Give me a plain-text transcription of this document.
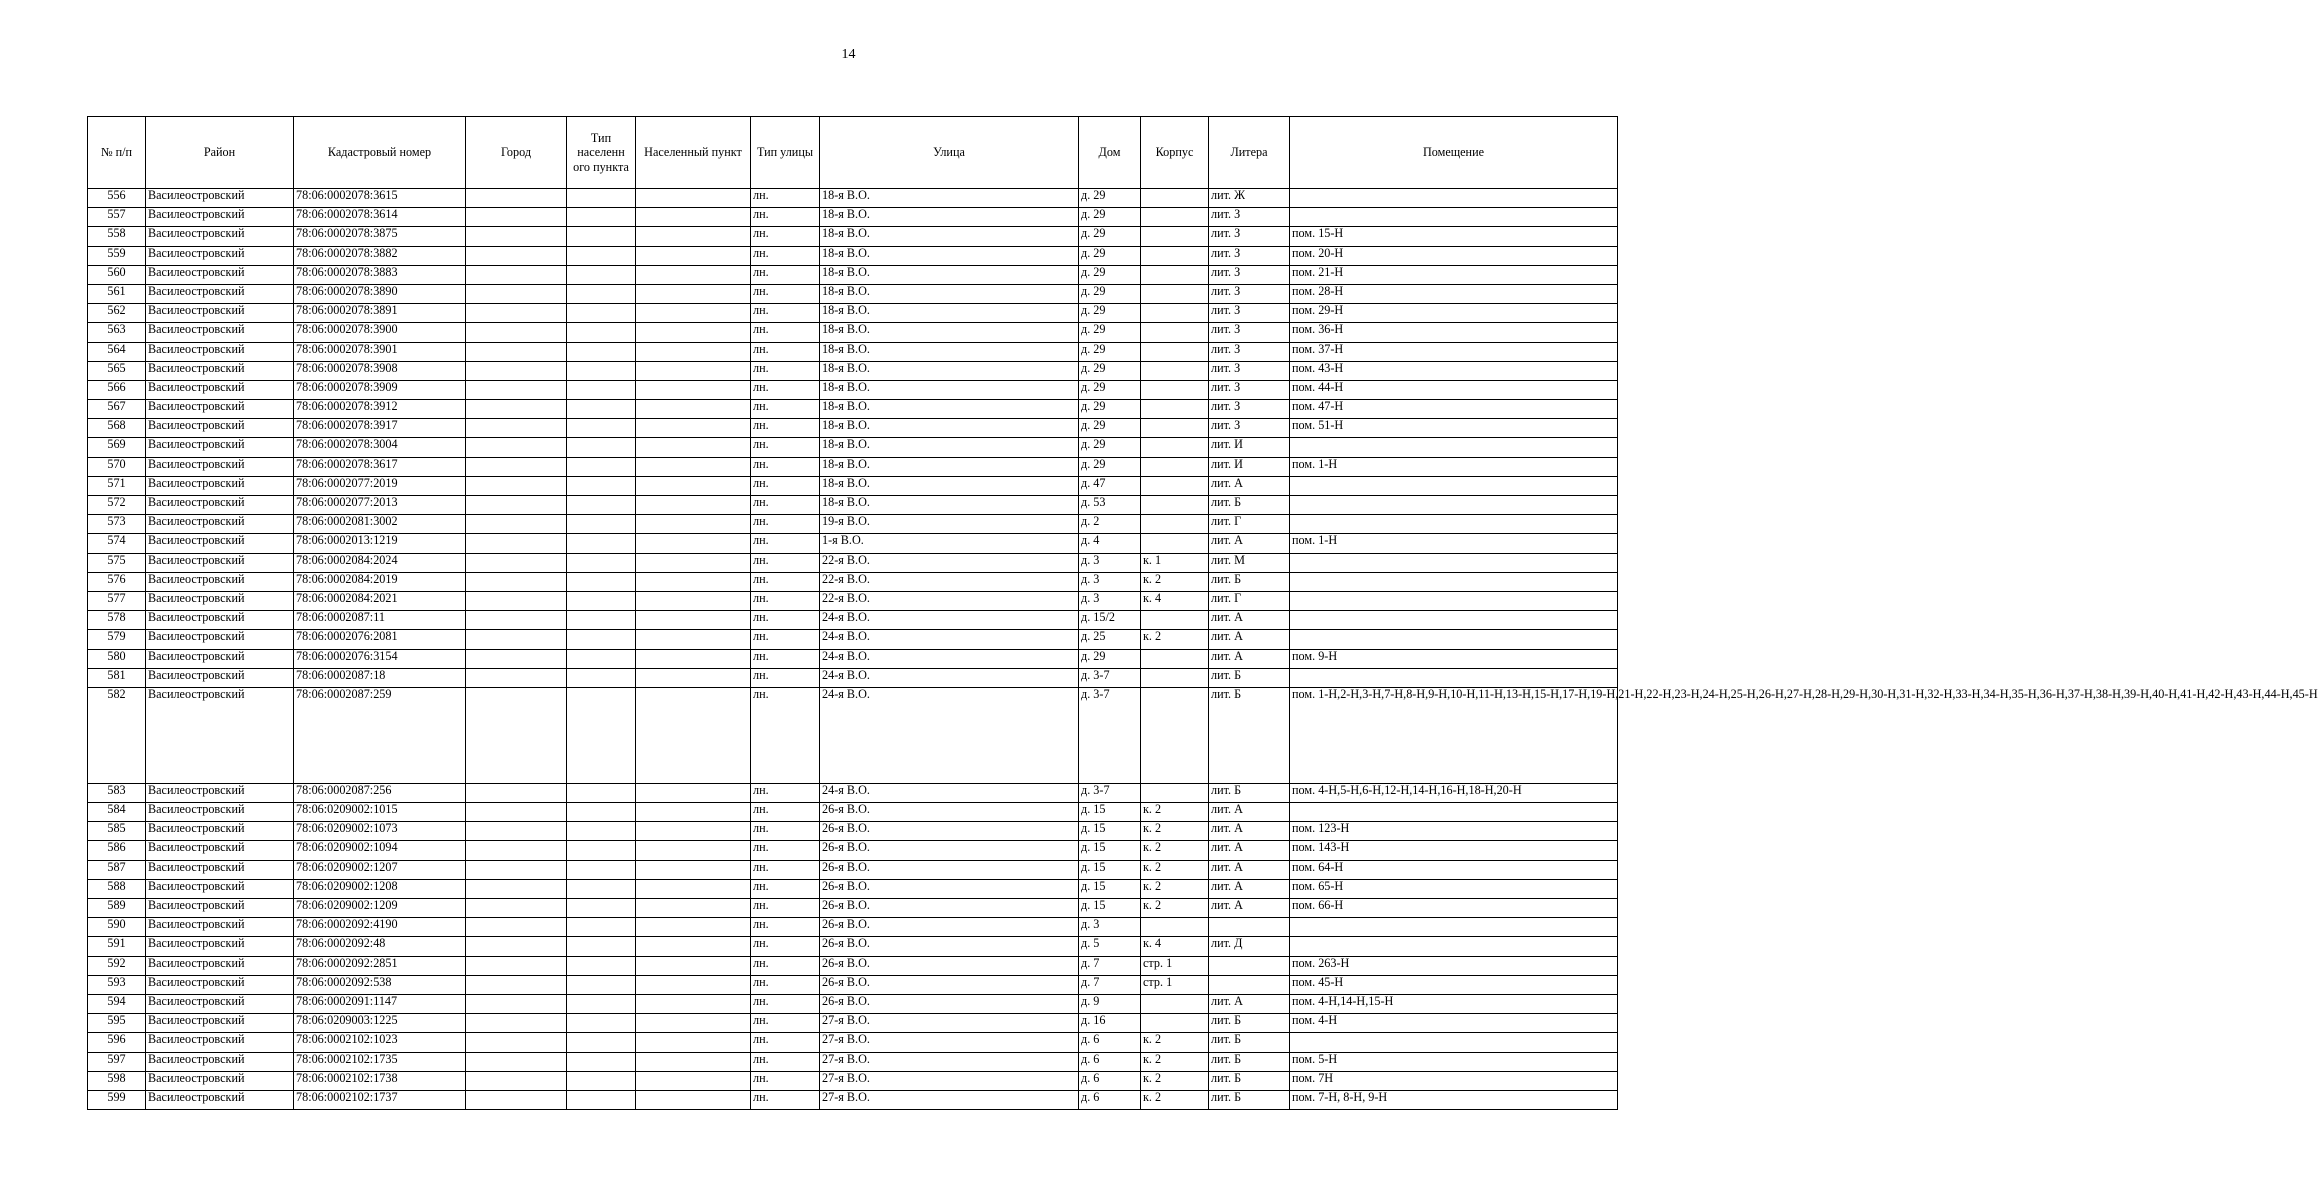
14
№ п/п	Район	Кадастровый номер	Город	Тип населенн ого пункта	Населенный пункт	Тип улицы	Улица	Дом	Корпус	Литера	Помещение
556	Василеостровский	78:06:0002078:3615				лн.	18-я В.О.	д. 29		лит. Ж	
557	Василеостровский	78:06:0002078:3614				лн.	18-я В.О.	д. 29		лит. З	
558	Василеостровский	78:06:0002078:3875				лн.	18-я В.О.	д. 29		лит. З	пом. 15-Н
559	Василеостровский	78:06:0002078:3882				лн.	18-я В.О.	д. 29		лит. З	пом. 20-Н
560	Василеостровский	78:06:0002078:3883				лн.	18-я В.О.	д. 29		лит. З	пом. 21-Н
561	Василеостровский	78:06:0002078:3890				лн.	18-я В.О.	д. 29		лит. З	пом. 28-Н
562	Василеостровский	78:06:0002078:3891				лн.	18-я В.О.	д. 29		лит. З	пом. 29-Н
563	Василеостровский	78:06:0002078:3900				лн.	18-я В.О.	д. 29		лит. З	пом. 36-Н
564	Василеостровский	78:06:0002078:3901				лн.	18-я В.О.	д. 29		лит. З	пом. 37-Н
565	Василеостровский	78:06:0002078:3908				лн.	18-я В.О.	д. 29		лит. З	пом. 43-Н
566	Василеостровский	78:06:0002078:3909				лн.	18-я В.О.	д. 29		лит. З	пом. 44-Н
567	Василеостровский	78:06:0002078:3912				лн.	18-я В.О.	д. 29		лит. З	пом. 47-Н
568	Василеостровский	78:06:0002078:3917				лн.	18-я В.О.	д. 29		лит. З	пом. 51-Н
569	Василеостровский	78:06:0002078:3004				лн.	18-я В.О.	д. 29		лит. И	
570	Василеостровский	78:06:0002078:3617				лн.	18-я В.О.	д. 29		лит. И	пом. 1-Н
571	Василеостровский	78:06:0002077:2019				лн.	18-я В.О.	д. 47		лит. А	
572	Василеостровский	78:06:0002077:2013				лн.	18-я В.О.	д. 53		лит. Б	
573	Василеостровский	78:06:0002081:3002				лн.	19-я В.О.	д. 2		лит. Г	
574	Василеостровский	78:06:0002013:1219				лн.	1-я В.О.	д. 4		лит. А	пом. 1-Н
575	Василеостровский	78:06:0002084:2024				лн.	22-я В.О.	д. 3	к. 1	лит. М	
576	Василеостровский	78:06:0002084:2019				лн.	22-я В.О.	д. 3	к. 2	лит. Б	
577	Василеостровский	78:06:0002084:2021				лн.	22-я В.О.	д. 3	к. 4	лит. Г	
578	Василеостровский	78:06:0002087:11				лн.	24-я В.О.	д. 15/2		лит. А	
579	Василеостровский	78:06:0002076:2081				лн.	24-я В.О.	д. 25	к. 2	лит. А	
580	Василеостровский	78:06:0002076:3154				лн.	24-я В.О.	д. 29		лит. А	пом. 9-Н
581	Василеостровский	78:06:0002087:18				лн.	24-я В.О.	д. 3-7		лит. Б	
582	Василеостровский	78:06:0002087:259				лн.	24-я В.О.	д. 3-7		лит. Б	пом. 1-Н,2-Н,3-Н,7-Н,8-Н,9-Н,10-Н,11-Н,13-Н,15-Н,17-Н,19-Н,21-Н,22-Н,23-Н,24-Н,25-Н,26-Н,27-Н,28-Н,29-Н,30-Н,31-Н,32-Н,33-Н,34-Н,35-Н,36-Н,37-Н,38-Н,39-Н,40-Н,41-Н,42-Н,43-Н,44-Н,45-Н
583	Василеостровский	78:06:0002087:256				лн.	24-я В.О.	д. 3-7		лит. Б	пом. 4-Н,5-Н,6-Н,12-Н,14-Н,16-Н,18-Н,20-Н
584	Василеостровский	78:06:0209002:1015				лн.	26-я В.О.	д. 15	к. 2	лит. А	
585	Василеостровский	78:06:0209002:1073				лн.	26-я В.О.	д. 15	к. 2	лит. А	пом. 123-Н
586	Василеостровский	78:06:0209002:1094				лн.	26-я В.О.	д. 15	к. 2	лит. А	пом. 143-Н
587	Василеостровский	78:06:0209002:1207				лн.	26-я В.О.	д. 15	к. 2	лит. А	пом. 64-Н
588	Василеостровский	78:06:0209002:1208				лн.	26-я В.О.	д. 15	к. 2	лит. А	пом. 65-Н
589	Василеостровский	78:06:0209002:1209				лн.	26-я В.О.	д. 15	к. 2	лит. А	пом. 66-Н
590	Василеостровский	78:06:0002092:4190				лн.	26-я В.О.	д. 3			
591	Василеостровский	78:06:0002092:48				лн.	26-я В.О.	д. 5	к. 4	лит. Д	
592	Василеостровский	78:06:0002092:2851				лн.	26-я В.О.	д. 7	стр. 1		пом. 263-Н
593	Василеостровский	78:06:0002092:538				лн.	26-я В.О.	д. 7	стр. 1		пом. 45-Н
594	Василеостровский	78:06:0002091:1147				лн.	26-я В.О.	д. 9		лит. А	пом. 4-Н,14-Н,15-Н
595	Василеостровский	78:06:0209003:1225				лн.	27-я В.О.	д. 16		лит. Б	пом. 4-Н
596	Василеостровский	78:06:0002102:1023				лн.	27-я В.О.	д. 6	к. 2	лит. Б	
597	Василеостровский	78:06:0002102:1735				лн.	27-я В.О.	д. 6	к. 2	лит. Б	пом. 5-Н
598	Василеостровский	78:06:0002102:1738				лн.	27-я В.О.	д. 6	к. 2	лит. Б	пом. 7Н
599	Василеостровский	78:06:0002102:1737				лн.	27-я В.О.	д. 6	к. 2	лит. Б	пом. 7-Н, 8-Н, 9-Н
